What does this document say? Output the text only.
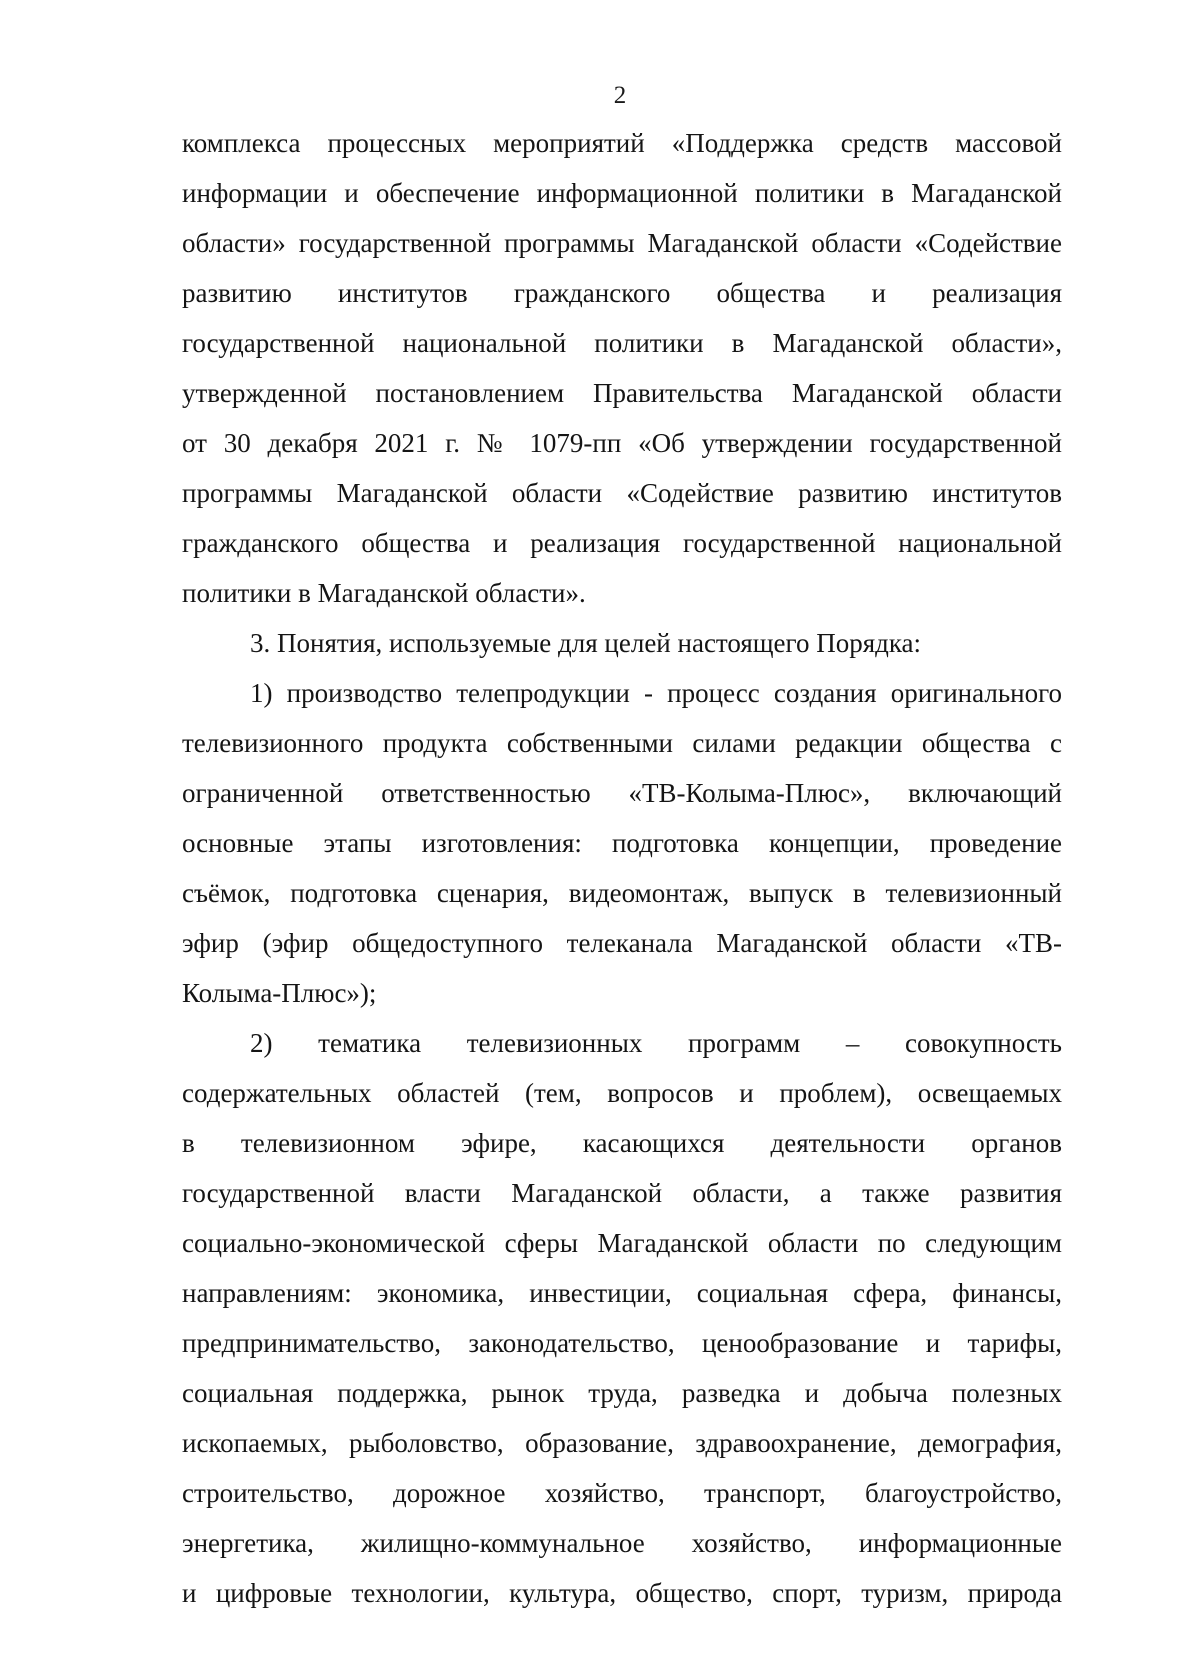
2
комплекса процессных мероприятий «Поддержка средств массовой
информации и обеспечение информационной политики в Магаданской
области» государственной программы Магаданской области «Содействие
развитию институтов гражданского общества и реализация
государственной национальной политики в Магаданской области»,
утвержденной постановлением Правительства Магаданской области
от 30 декабря 2021 г. № 1079-пп «Об утверждении государственной
программы Магаданской области «Содействие развитию институтов
гражданского общества и реализация государственной национальной
политики в Магаданской области».
3. Понятия, используемые для целей настоящего Порядка:
1) производство телепродукции - процесс создания оригинального
телевизионного продукта собственными силами редакции общества с
ограниченной ответственностью «ТВ-Колыма-Плюс», включающий
основные этапы изготовления: подготовка концепции, проведение
съёмок, подготовка сценария, видеомонтаж, выпуск в телевизионный
эфир (эфир общедоступного телеканала Магаданской области «ТВ-
Колыма-Плюс»);
2) тематика телевизионных программ – совокупность
содержательных областей (тем, вопросов и проблем), освещаемых
в телевизионном эфире, касающихся деятельности органов
государственной власти Магаданской области, а также развития
социально-экономической сферы Магаданской области по следующим
направлениям: экономика, инвестиции, социальная сфера, финансы,
предпринимательство, законодательство, ценообразование и тарифы,
социальная поддержка, рынок труда, разведка и добыча полезных
ископаемых, рыболовство, образование, здравоохранение, демография,
строительство, дорожное хозяйство, транспорт, благоустройство,
энергетика, жилищно-коммунальное хозяйство, информационные
и цифровые технологии, культура, общество, спорт, туризм, природа
